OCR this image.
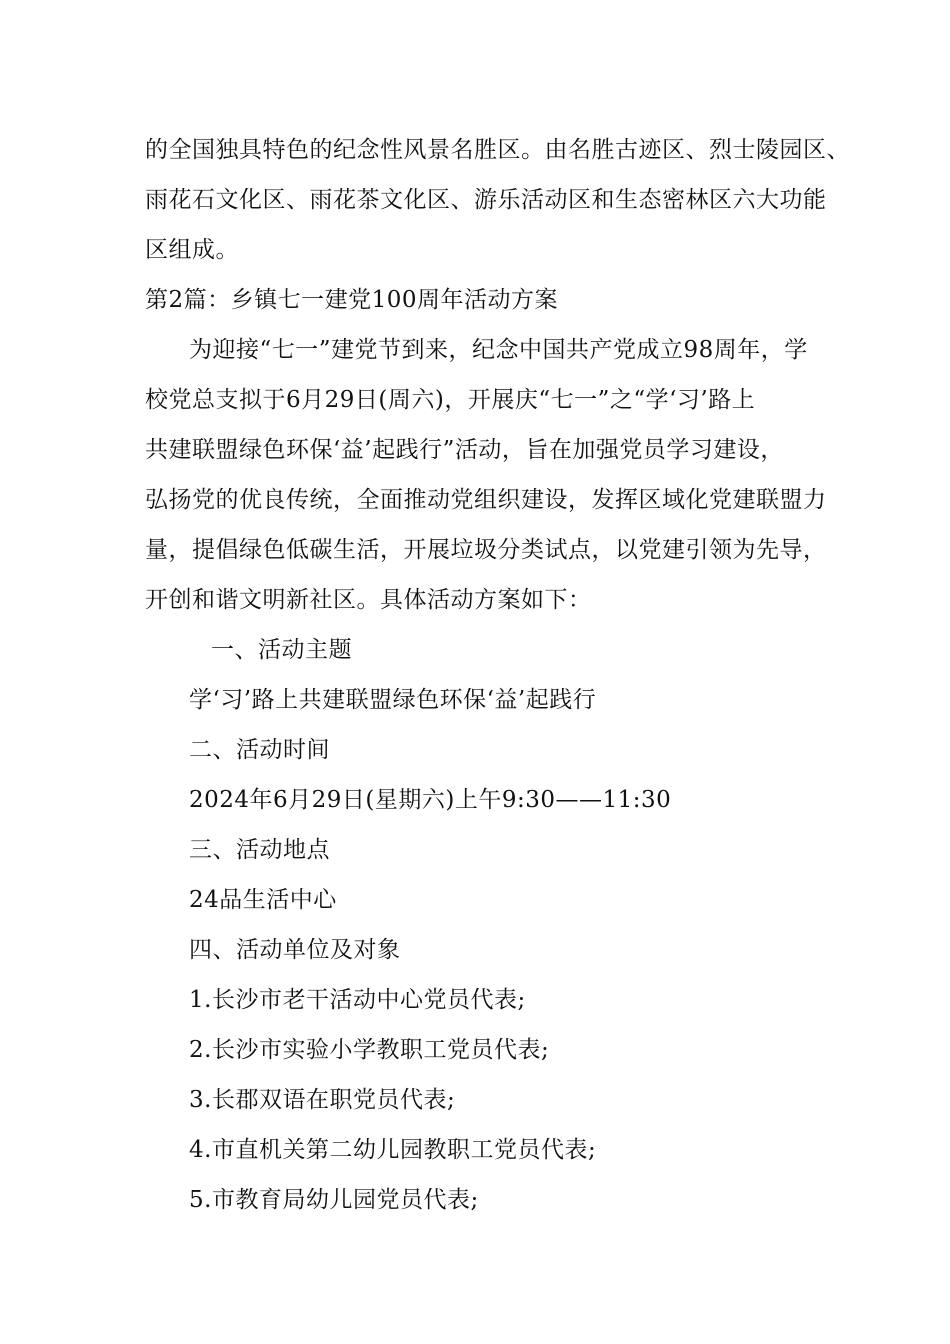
的全国独具特色的纪念性风景名胜区。由名胜古迹区、烈士陵园区、
雨花石文化区、雨花茶文化区、游乐活动区和生态密林区六大功能
区组成。
第2篇：乡镇七一建党100周年活动方案
为迎接“七一”建党节到来，纪念中国共产党成立98周年，学
校党总支拟于6月29日(周六)，开展庆“七一”之“学‘习’路上
共建联盟绿色环保‘益’起践行”活动，旨在加强党员学习建设，
弘扬党的优良传统，全面推动党组织建设，发挥区域化党建联盟力
量，提倡绿色低碳生活，开展垃圾分类试点，以党建引领为先导，
开创和谐文明新社区。具体活动方案如下：
一、活动主题
学‘习’路上共建联盟绿色环保‘益’起践行
二、活动时间
2024年6月29日(星期六)上午9:30——11:30
三、活动地点
24品生活中心
四、活动单位及对象
1.长沙市老干活动中心党员代表;
2.长沙市实验小学教职工党员代表;
3.长郡双语在职党员代表;
4.市直机关第二幼儿园教职工党员代表;
5.市教育局幼儿园党员代表;
